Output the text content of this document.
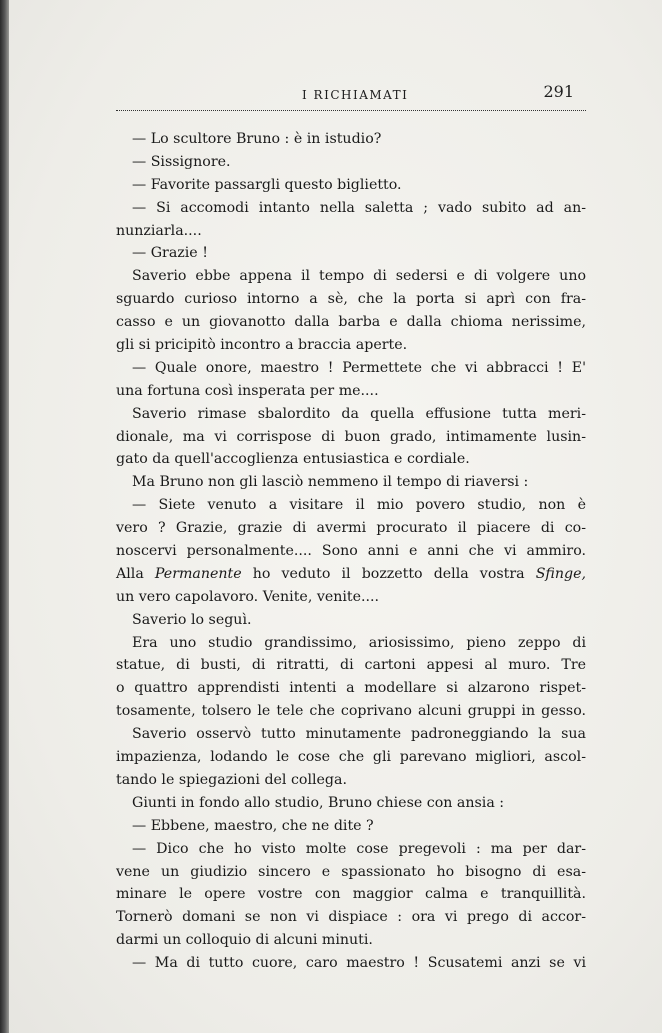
I RICHIAMATI	291
— Lo scultore Bruno : è in istudio?
— Sissignore.
— Favorite passargli questo biglietto.
— Si accomodi intanto nella saletta ; vado subito ad an-
nunziarla....
— Grazie !
Saverio ebbe appena il tempo di sedersi e di volgere uno
sguardo curioso intorno a sè, che la porta si aprì con fra-
casso e un giovanotto dalla barba e dalla chioma nerissime,
gli si pricipitò incontro a braccia aperte.
— Quale onore, maestro ! Permettete che vi abbracci ! E'
una fortuna così insperata per me....
Saverio rimase sbalordito da quella effusione tutta meri-
dionale, ma vi corrispose di buon grado, intimamente lusin-
gato da quell'accoglienza entusiastica e cordiale.
Ma Bruno non gli lasciò nemmeno il tempo di riaversi :
— Siete venuto a visitare il mio povero studio, non è
vero ? Grazie, grazie di avermi procurato il piacere di co-
noscervi personalmente.... Sono anni e anni che vi ammiro.
Alla Permanente ho veduto il bozzetto della vostra Sfinge,
un vero capolavoro. Venite, venite....
Saverio lo seguì.
Era uno studio grandissimo, ariosissimo, pieno zeppo di
statue, di busti, di ritratti, di cartoni appesi al muro. Tre
o quattro apprendisti intenti a modellare si alzarono rispet-
tosamente, tolsero le tele che coprivano alcuni gruppi in gesso.
Saverio osservò tutto minutamente padroneggiando la sua
impazienza, lodando le cose che gli parevano migliori, ascol-
tando le spiegazioni del collega.
Giunti in fondo allo studio, Bruno chiese con ansia :
— Ebbene, maestro, che ne dite ?
— Dico che ho visto molte cose pregevoli : ma per dar-
vene un giudizio sincero e spassionato ho bisogno di esa-
minare le opere vostre con maggior calma e tranquillità.
Tornerò domani se non vi dispiace : ora vi prego di accor-
darmi un colloquio di alcuni minuti.
— Ma di tutto cuore, caro maestro ! Scusatemi anzi se vi
